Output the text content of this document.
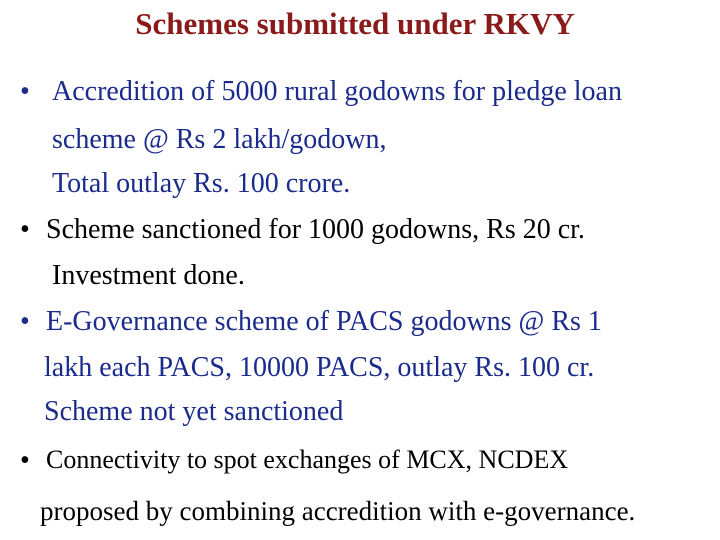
Schemes submitted under RKVY
• Accredition of 5000 rural godowns for pledge loan
scheme @ Rs 2 lakh/godown,
Total outlay Rs. 100 crore.
• Scheme sanctioned for 1000 godowns, Rs 20 cr.
Investment done.
• E-Governance scheme of PACS godowns @ Rs 1
lakh each PACS, 10000 PACS, outlay Rs. 100 cr.
Scheme not yet sanctioned
• Connectivity to spot exchanges of MCX, NCDEX
proposed by combining accredition with e-governance.
